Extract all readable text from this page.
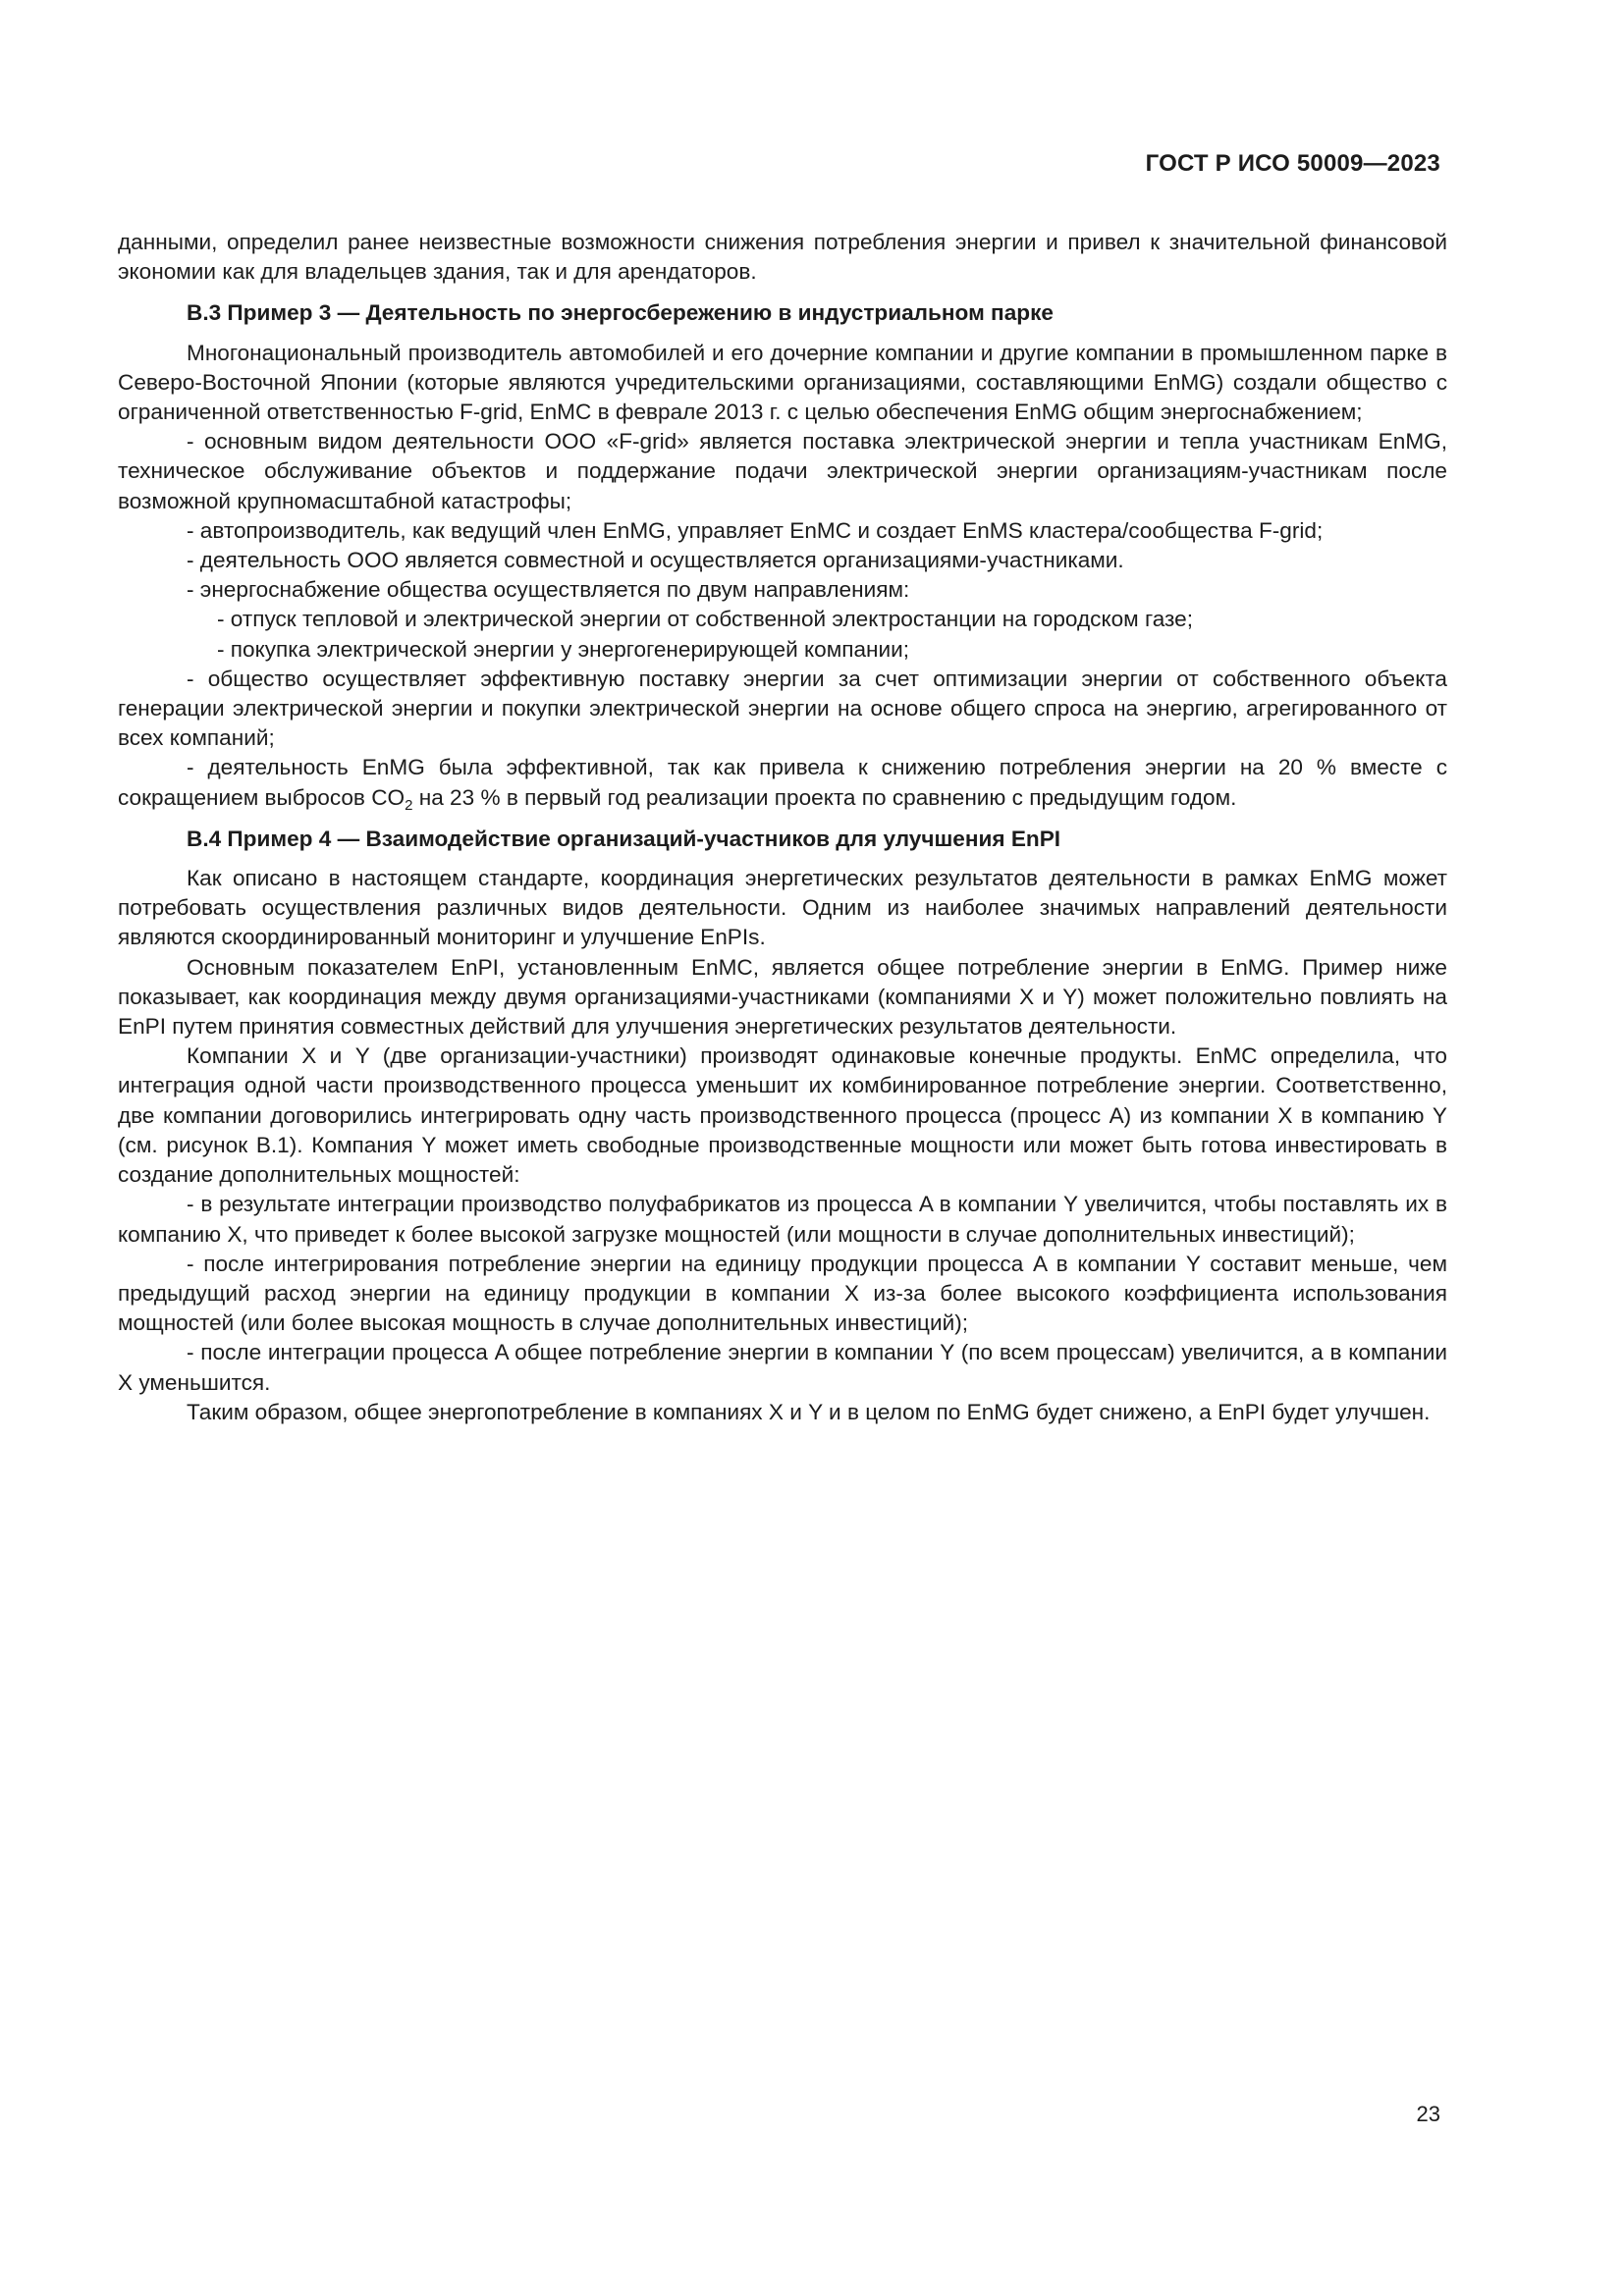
ГОСТ Р ИСО 50009—2023

данными, определил ранее неизвестные возможности снижения потребления энергии и привел к значительной финансовой экономии как для владельцев здания, так и для арендаторов.

В.3 Пример 3 — Деятельность по энергосбережению в индустриальном парке

Многонациональный производитель автомобилей и его дочерние компании и другие компании в промышленном парке в Северо-Восточной Японии (которые являются учредительскими организациями, составляющими EnMG) создали общество с ограниченной ответственностью F-grid, EnMC в феврале 2013 г. с целью обеспечения EnMG общим энергоснабжением;

- основным видом деятельности ООО «F-grid» является поставка электрической энергии и тепла участникам EnMG, техническое обслуживание объектов и поддержание подачи электрической энергии организациям-участникам после возможной крупномасштабной катастрофы;

- автопроизводитель, как ведущий член EnMG, управляет EnMC и создает EnMS кластера/сообщества F-grid;

- деятельность ООО является совместной и осуществляется организациями-участниками.

- энергоснабжение общества осуществляется по двум направлениям:

- отпуск тепловой и электрической энергии от собственной электростанции на городском газе;

- покупка электрической энергии у энергогенерирующей компании;

- общество осуществляет эффективную поставку энергии за счет оптимизации энергии от собственного объекта генерации электрической энергии и покупки электрической энергии на основе общего спроса на энергию, агрегированного от всех компаний;

- деятельность EnMG была эффективной, так как привела к снижению потребления энергии на 20 % вместе с сокращением выбросов $CO_2$ на 23 % в первый год реализации проекта по сравнению с предыдущим годом.

В.4 Пример 4 — Взаимодействие организаций-участников для улучшения EnPI

Как описано в настоящем стандарте, координация энергетических результатов деятельности в рамках EnMG может потребовать осуществления различных видов деятельности. Одним из наиболее значимых направлений деятельности являются скоординированный мониторинг и улучшение EnPIs.

Основным показателем EnPI, установленным EnMC, является общее потребление энергии в EnMG. Пример ниже показывает, как координация между двумя организациями-участниками (компаниями X и Y) может положительно повлиять на EnPI путем принятия совместных действий для улучшения энергетических результатов деятельности.

Компании X и Y (две организации-участники) производят одинаковые конечные продукты. EnMC определила, что интеграция одной части производственного процесса уменьшит их комбинированное потребление энергии. Соответственно, две компании договорились интегрировать одну часть производственного процесса (процесс A) из компании X в компанию Y (см. рисунок В.1). Компания Y может иметь свободные производственные мощности или может быть готова инвестировать в создание дополнительных мощностей:

- в результате интеграции производство полуфабрикатов из процесса A в компании Y увеличится, чтобы поставлять их в компанию X, что приведет к более высокой загрузке мощностей (или мощности в случае дополнительных инвестиций);

- после интегрирования потребление энергии на единицу продукции процесса A в компании Y составит меньше, чем предыдущий расход энергии на единицу продукции в компании X из-за более высокого коэффициента использования мощностей (или более высокая мощность в случае дополнительных инвестиций);

- после интеграции процесса A общее потребление энергии в компании Y (по всем процессам) увеличится, а в компании X уменьшится.

Таким образом, общее энергопотребление в компаниях X и Y и в целом по EnMG будет снижено, а EnPI будет улучшен.

23
